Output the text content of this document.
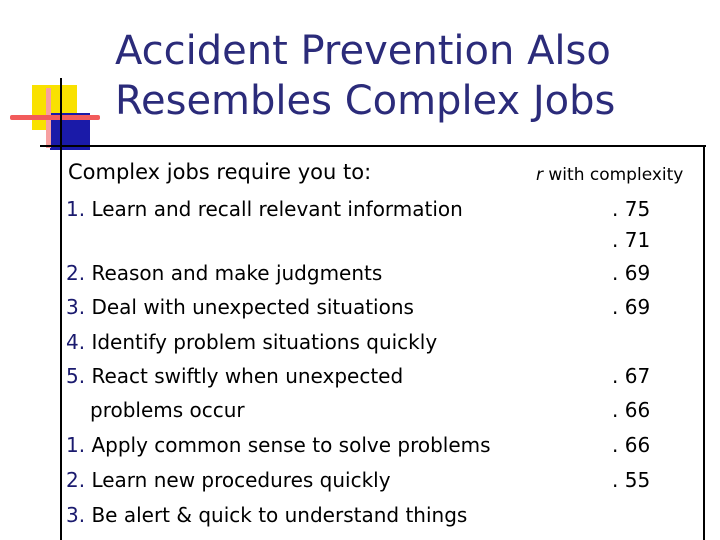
Accident Prevention Also
Resembles Complex Jobs
Complex jobs require you to:	r with complexity
1. Learn and recall relevant information
2. Reason and make judgments
3. Deal with unexpected situations
4. Identify problem situations quickly
5. React swiftly when unexpected
problems occur
1. Apply common sense to solve problems
2. Learn new procedures quickly
3. Be alert & quick to understand things
. 75
. 71
. 69
. 69
. 67
. 66
. 66
. 55
